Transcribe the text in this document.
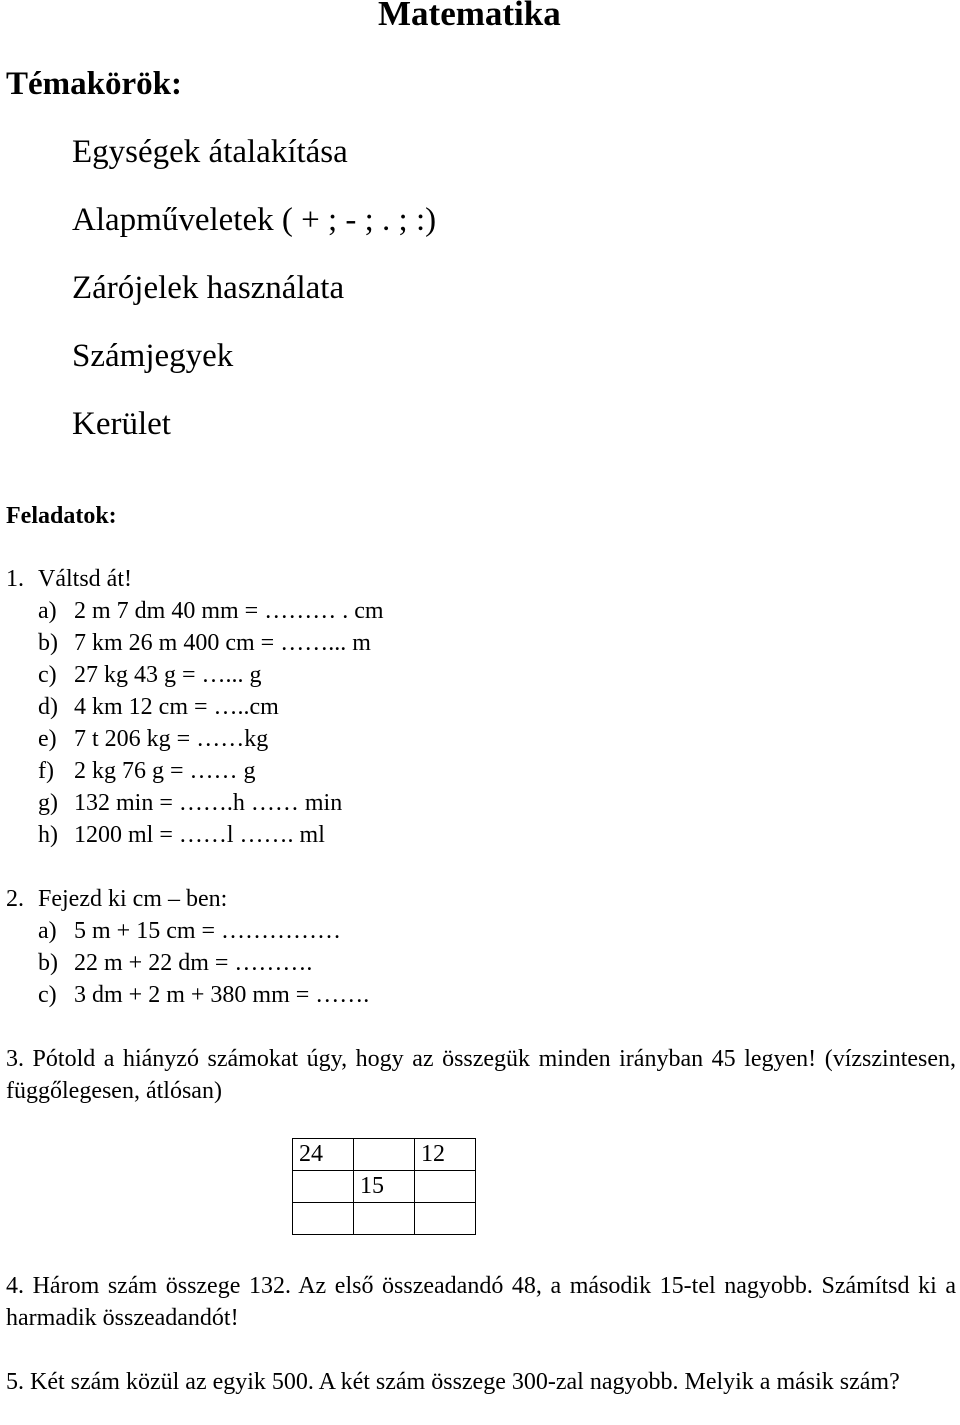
Matematika
Témakörök:
Egységek átalakítása
Alapműveletek ( + ; - ; . ; :)
Zárójelek használata
Számjegyek
Kerület
Feladatok:
1. Váltsd át!
a) 2 m 7 dm 40 mm = ……… . cm
b) 7 km 26 m 400 cm = ……... m
c) 27 kg 43 g = …... g
d) 4 km 12 cm = …..cm
e) 7 t 206 kg = ……kg
f) 2 kg 76 g = …… g
g) 132 min = …….h …… min
h) 1200 ml = ……l ……. ml
2. Fejezd ki cm – ben:
a) 5 m + 15 cm = ……………
b) 22 m + 22 dm = ……….
c) 3 dm + 2 m + 380 mm = …….
3. Pótold a hiányzó számokat úgy, hogy az összegük minden irányban 45 legyen! (vízszintesen, függőlegesen, átlósan)
24		12
	15	

4. Három szám összege 132. Az első összeadandó 48, a második 15-tel nagyobb. Számítsd ki a harmadik összeadandót!
5. Két szám közül az egyik 500. A két szám összege 300-zal nagyobb. Melyik a másik szám?
